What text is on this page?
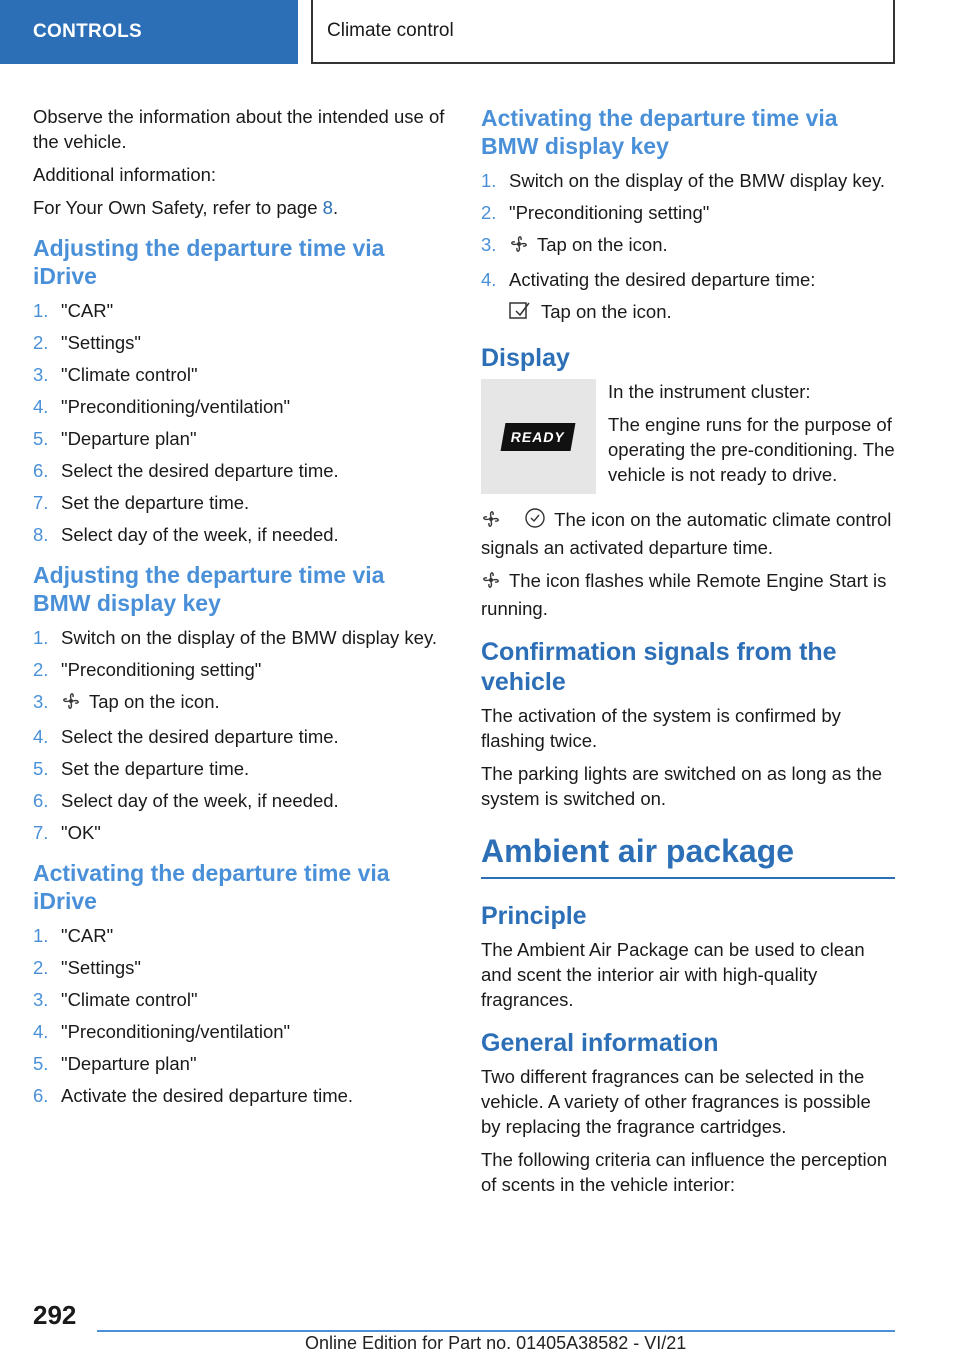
CONTROLS	Climate control

Observe the information about the intended use of the vehicle.

Additional information:

For Your Own Safety, refer to page 8.

Adjusting the departure time via iDrive
1. "CAR"
2. "Settings"
3. "Climate control"
4. "Preconditioning/ventilation"
5. "Departure plan"
6. Select the desired departure time.
7. Set the departure time.
8. Select day of the week, if needed.
Adjusting the departure time via BMW display key
1. Switch on the display of the BMW display key.
2. "Preconditioning setting"
3.	Tap on the icon.
4. Select the desired departure time.
5. Set the departure time.
6. Select day of the week, if needed.
7. "OK"
Activating the departure time via iDrive
1. "CAR"
2. "Settings"
3. "Climate control"
4. "Preconditioning/ventilation"
5. "Departure plan"
6. Activate the desired departure time.
Activating the departure time via BMW display key
1. Switch on the display of the BMW display key.
2. "Preconditioning setting"
3.	Tap on the icon.
4. Activating the desired departure time:

Tap on the icon.

Display
READY

In the instrument cluster:

The engine runs for the purpose of operating the pre-conditioning. The vehicle is not ready to drive.

The icon on the automatic climate control signals an activated departure time.

The icon flashes while Remote Engine Start is running.

Confirmation signals from the vehicle

The activation of the system is confirmed by flashing twice.

The parking lights are switched on as long as the system is switched on.

Ambient air package
Principle

The Ambient Air Package can be used to clean and scent the interior air with high-quality fragrances.

General information

Two different fragrances can be selected in the vehicle. A variety of other fragrances is possible by replacing the fragrance cartridges.

The following criteria can influence the perception of scents in the vehicle interior:

292
Online Edition for Part no. 01405A38582 - VI/21
